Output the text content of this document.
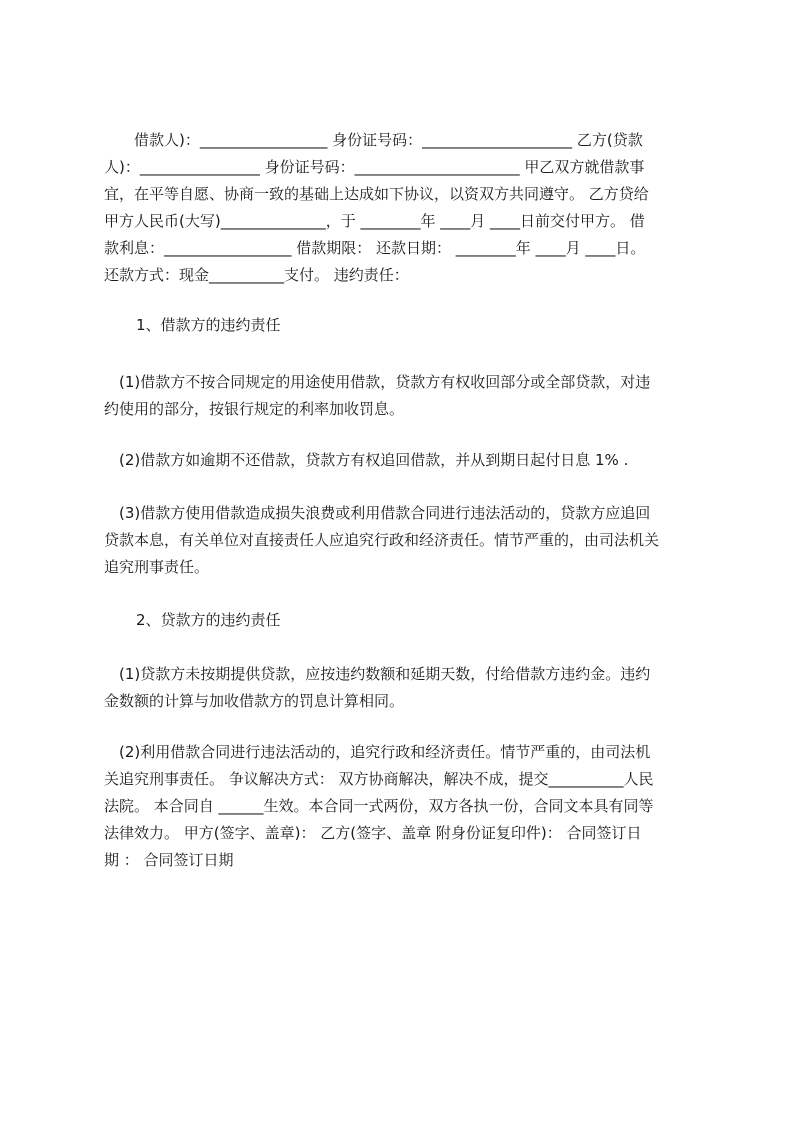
　　借款人)：_________________ 身份证号码：____________________ 乙方(贷款
人)：________________ 身份证号码：______________________ 甲乙双方就借款事
宜，在平等自愿、协商一致的基础上达成如下协议，以资双方共同遵守。 乙方贷给
甲方人民币(大写)______________，于 ________年 ____月 ____日前交付甲方。 借
款利息：_________________ 借款期限： 还款日期： ________年 ____月 ____日。
还款方式：现金__________支付。 违约责任：
1、借款方的违约责任
　(1)借款方不按合同规定的用途使用借款，贷款方有权收回部分或全部贷款，对违
约使用的部分，按银行规定的利率加收罚息。
　(2)借款方如逾期不还借款，贷款方有权追回借款，并从到期日起付日息 1% .
　(3)借款方使用借款造成损失浪费或利用借款合同进行违法活动的，贷款方应追回
贷款本息，有关单位对直接责任人应追究行政和经济责任。情节严重的，由司法机关
追究刑事责任。
2、贷款方的违约责任
　(1)贷款方未按期提供贷款，应按违约数额和延期天数，付给借款方违约金。违约
金数额的计算与加收借款方的罚息计算相同。
　(2)利用借款合同进行违法活动的，追究行政和经济责任。情节严重的，由司法机
关追究刑事责任。 争议解决方式： 双方协商解决，解决不成，提交__________人民
法院。 本合同自 ______生效。本合同一式两份，双方各执一份，合同文本具有同等
法律效力。 甲方(签字、盖章)： 乙方(签字、盖章 附身份证复印件)： 合同签订日
期 ： 合同签订日期
